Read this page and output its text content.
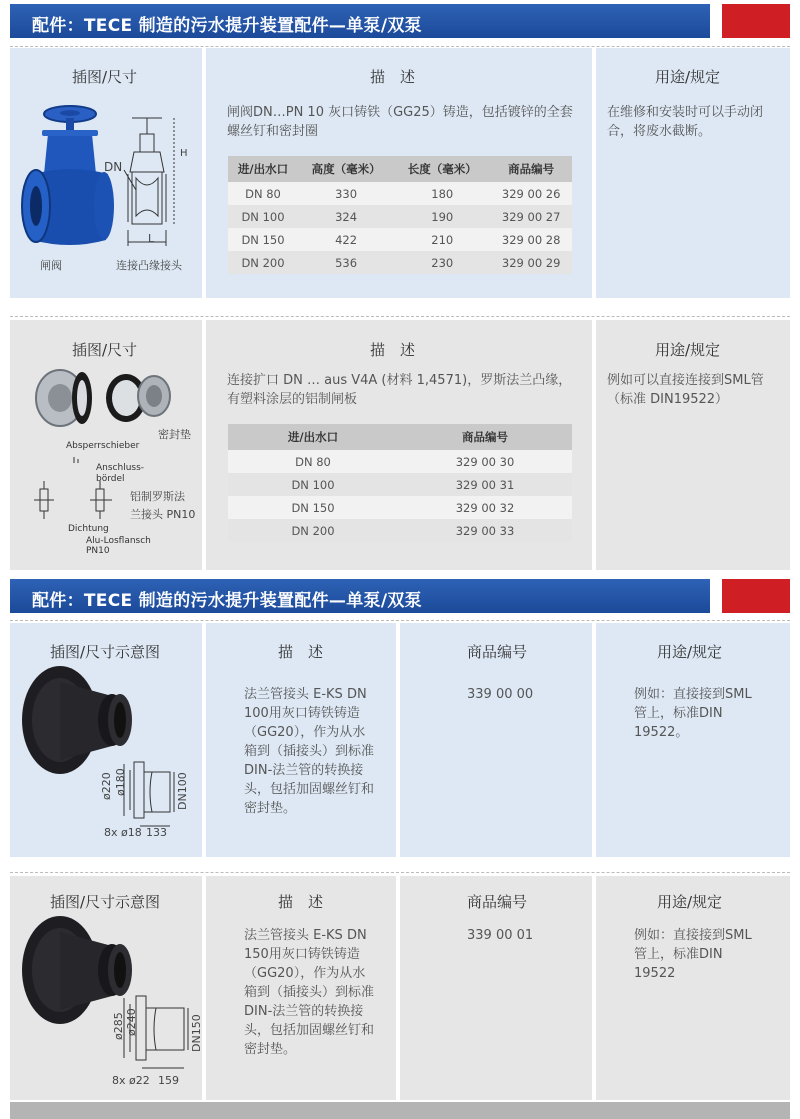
配件：TECE 制造的污水提升装置配件—单泵/双泵
插图/尺寸	描　述	用途/规定
闸阀DN…PN 10 灰口铸铁（GG25）铸造，包括镀锌的全套螺丝钉和密封圈
在维修和安装时可以手动闭合，将废水截断。
进/出水口	高度（毫米）	长度（毫米）	商品编号
DN 80	330	180	329 00 26
DN 100	324	190	329 00 27
DN 150	422	210	329 00 28
DN 200	536	230	329 00 29
闸阀
DN
H
L
连接凸缘接头
插图/尺寸	描　述	用途/规定
连接扩口 DN … aus V4A (材料 1,4571)，罗斯法兰凸缘，有塑料涂层的铝制闸板
例如可以直接连接到SML管（标准 DIN19522）
进/出水口	商品编号
DN 80	329 00 30
DN 100	329 00 31
DN 150	329 00 32
DN 200	329 00 33
密封垫
Absperrschieber
Anschluss-
bördel
铝制罗斯法
兰接头 PN10
Dichtung
Alu-Losflansch
PN10
配件：TECE 制造的污水提升装置配件—单泵/双泵
插图/尺寸示意图	描　述	商品编号	用途/规定
法兰管接头 E-KS DN 100用灰口铸铁铸造（GG20），作为从水箱到（插接头）到标准DIN-法兰管的转换接头，包括加固螺丝钉和密封垫。
339 00 00	例如：直接接到SML管上，标准DIN 19522。
ø220 ø180	DN100
8x ø18 133
插图/尺寸示意图	描　述	商品编号	用途/规定
法兰管接头 E-KS DN 150用灰口铸铁铸造（GG20），作为从水箱到（插接头）到标准DIN-法兰管的转换接头，包括加固螺丝钉和密封垫。
339 00 01	例如：直接接到SML 管上，标准DIN 19522
ø285 ø240	DN150
8x ø22 159
